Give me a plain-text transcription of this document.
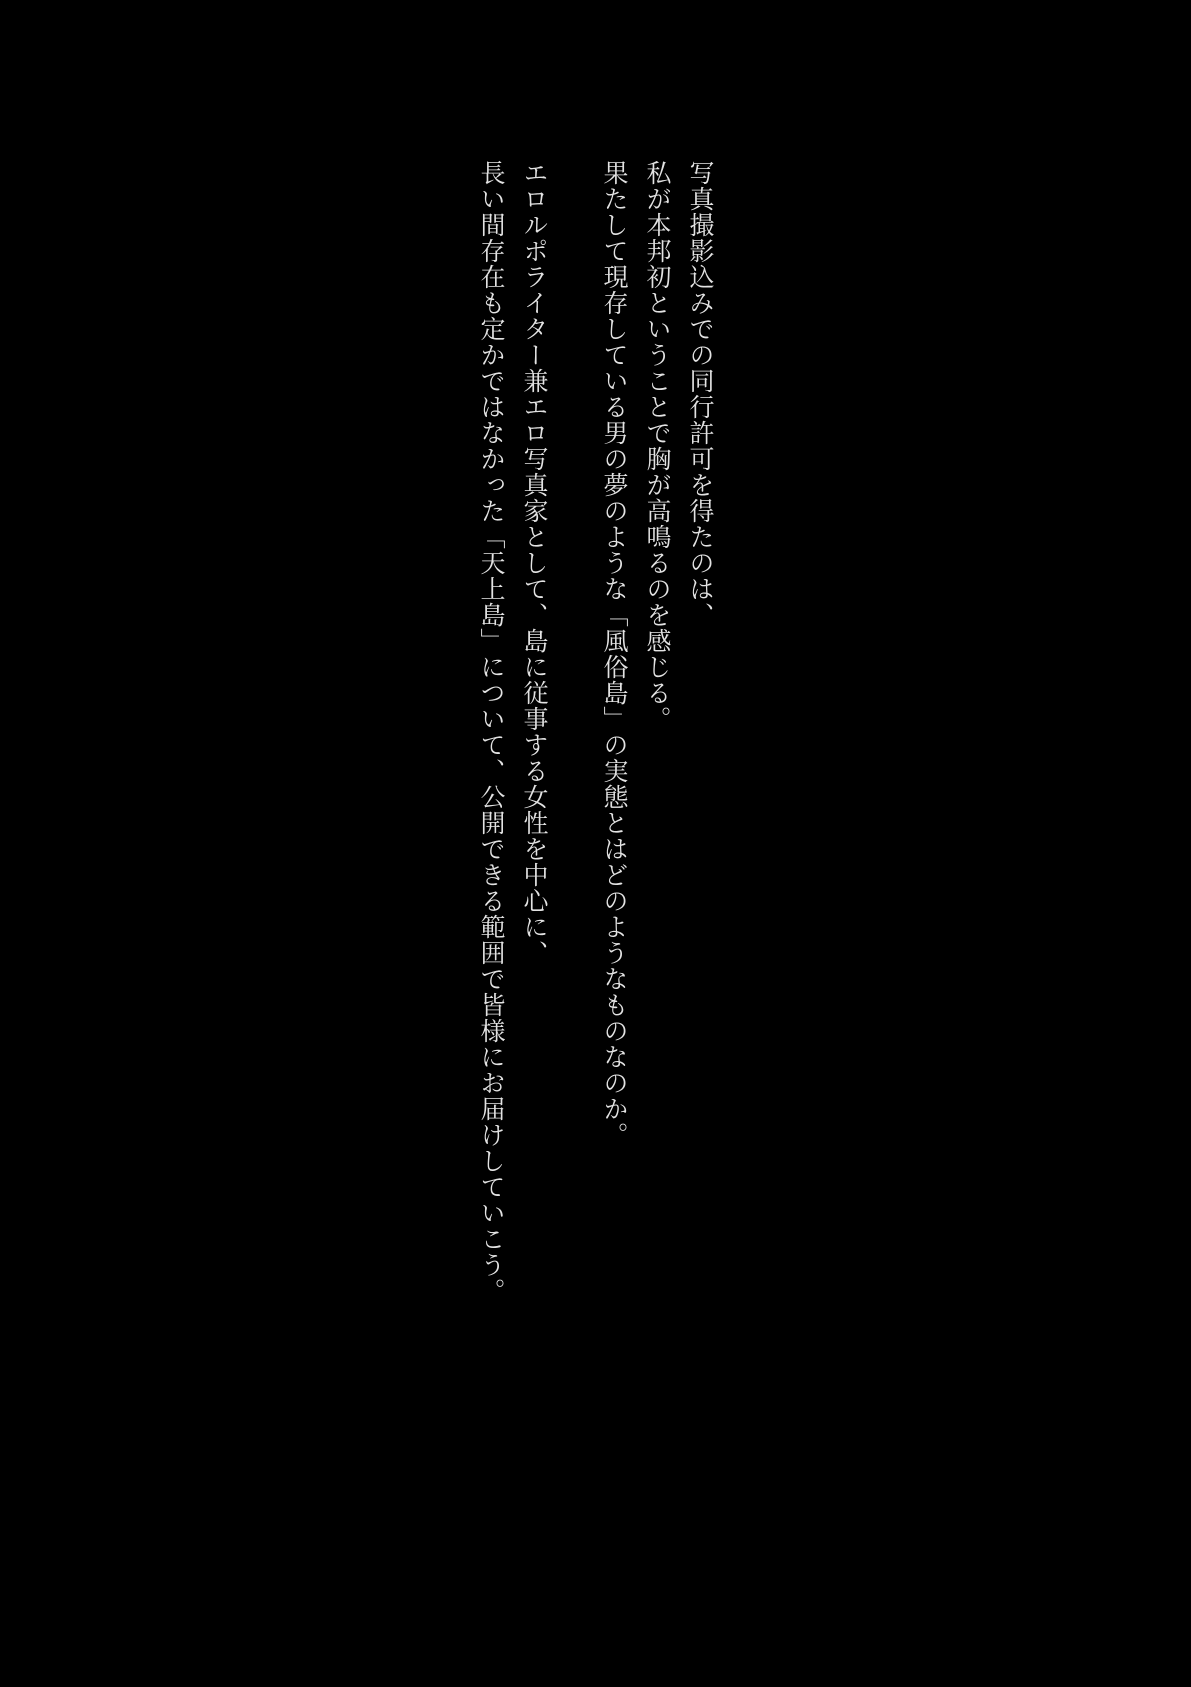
写真撮影込みでの同行許可を得たのは、
私が本邦初ということで胸が高鳴るのを感じる。
果たして現存している男の夢のような「風俗島」の実態とはどのようなものなのか。

エロルポライター兼エロ写真家として、島に従事する女性を中心に、
長い間存在も定かではなかった「天上島」について、公開できる範囲で皆様にお届けしていこう。
